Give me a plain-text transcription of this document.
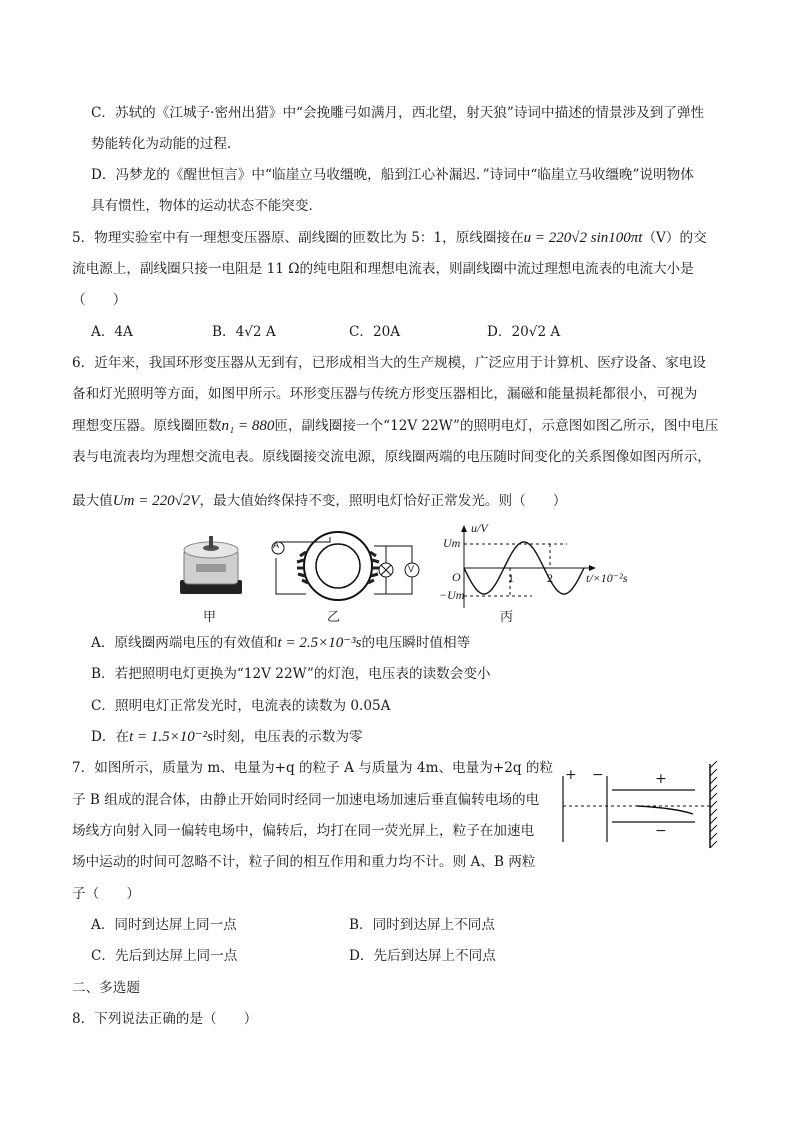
C．苏轼的《江城子·密州出猎》中“会挽雕弓如满月，西北望，射天狼”诗词中描述的情景涉及到了弹性
势能转化为动能的过程．
D．冯梦龙的《醒世恒言》中“临崖立马收缰晚，船到江心补漏迟．”诗词中“临崖立马收缰晚”说明物体
具有惯性，物体的运动状态不能突变．
5．物理实验室中有一理想变压器原、副线圈的匝数比为 5：1，原线圈接在u = 220√2 sin100πt（V）的交
流电源上，副线圈只接一电阻是 11 Ω的纯电阻和理想电流表，则副线圈中流过理想电流表的电流大小是
（　　）
A．4A	B．4√2 A	C．20A	D．20√2 A
6．近年来，我国环形变压器从无到有，已形成相当大的生产规模，广泛应用于计算机、医疗设备、家电设
备和灯光照明等方面，如图甲所示。环形变压器与传统方形变压器相比，漏磁和能量损耗都很小，可视为
理想变压器。原线圈匝数n₁ = 880匝，副线圈接一个“12V 22W”的照明电灯，示意图如图乙所示，图中电压
表与电流表均为理想交流电表。原线圈接交流电源，原线圈两端的电压随时间变化的关系图像如图丙所示，
最大值Um = 220√2V，最大值始终保持不变，照明电灯恰好正常发光。则（　　）
甲
A
V
乙
u/V
Um
−Um
O	1	2	t/×10⁻²s
丙
A．原线圈两端电压的有效值和t = 2.5×10⁻³s的电压瞬时值相等
B．若把照明电灯更换为“12V 22W”的灯泡，电压表的读数会变小
C．照明电灯正常发光时，电流表的读数为 0.05A
D．在t = 1.5×10⁻²s时刻，电压表的示数为零
7．如图所示，质量为 m、电量为+q 的粒子 A 与质量为 4m、电量为+2q 的粒
子 B 组成的混合体，由静止开始同时经同一加速电场加速后垂直偏转电场的电
场线方向射入同一偏转电场中，偏转后，均打在同一荧光屏上，粒子在加速电
场中运动的时间可忽略不计，粒子间的相互作用和重力均不计。则 A、B 两粒
子（　　）
+ −	+
−
A．同时到达屏上同一点	B．同时到达屏上不同点
C．先后到达屏上同一点	D．先后到达屏上不同点
二、多选题
8．下列说法正确的是（　　）
